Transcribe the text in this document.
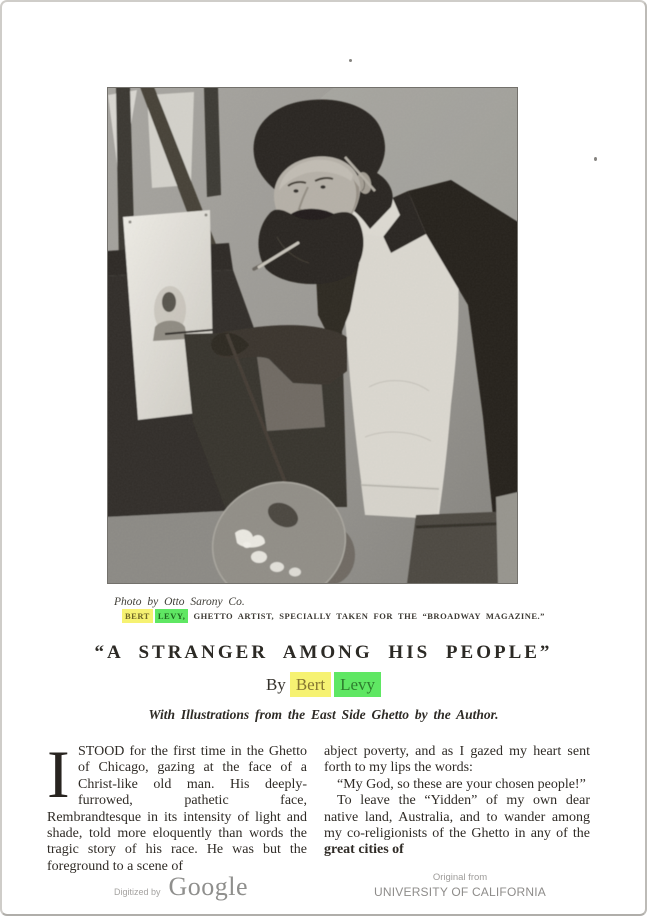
Photo by Otto Sarony Co.
BERT LEVY, GHETTO ARTIST, SPECIALLY TAKEN FOR THE “BROADWAY MAGAZINE.”
“A STRANGER AMONG HIS PEOPLE”
By Bert Levy
With Illustrations from the East Side Ghetto by the Author.

ISTOOD for the first time in the Ghetto of Chicago, gazing at the face of a Christ-like old man. His deeply-furrowed, pathetic face, Rembrandtesque in its intensity of light and shade, told more eloquently than words the tragic story of his race. He was but the foreground to a scene of

abject poverty, and as I gazed my heart sent forth to my lips the words:

“My God, so these are your chosen people!”

To leave the “Yidden” of my own dear native land, Australia, and to wander among my co-religionists of the Ghetto in any of the great cities of

Digitized by Google	Original from
UNIVERSITY OF CALIFORNIA
